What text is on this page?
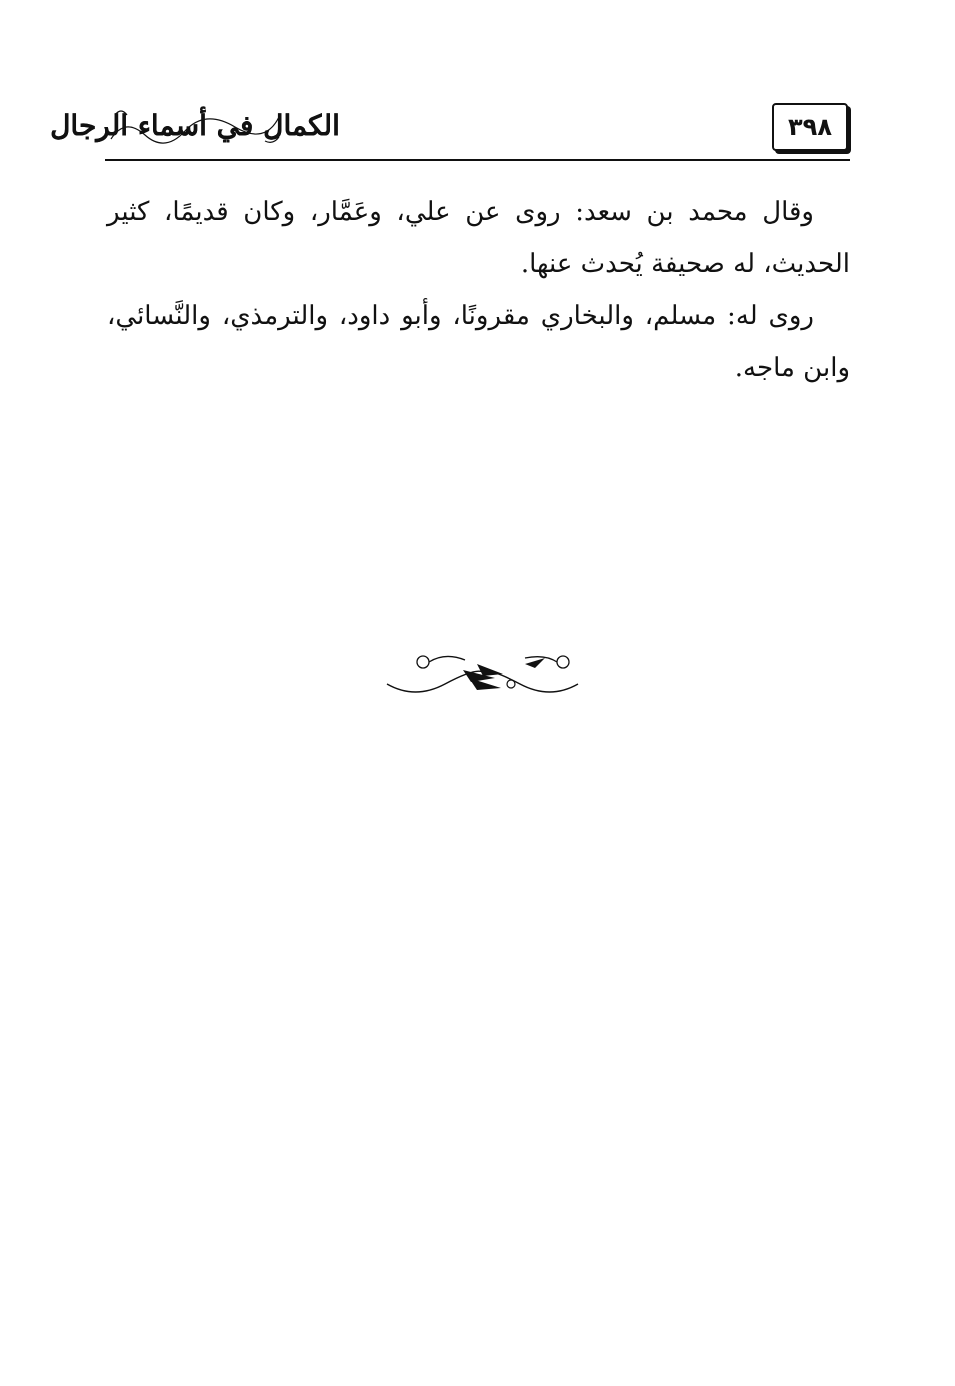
الكمال في أسماء الرجال	٣٩٨

وقال محمد بن سعد: روى عن علي، وعَمَّار، وكان قديمًا، كثير الحديث، له صحيفة يُحدث عنها.

روى له: مسلم، والبخاري مقرونًا، وأبو داود، والترمذي، والنَّسائي، وابن ماجه.
